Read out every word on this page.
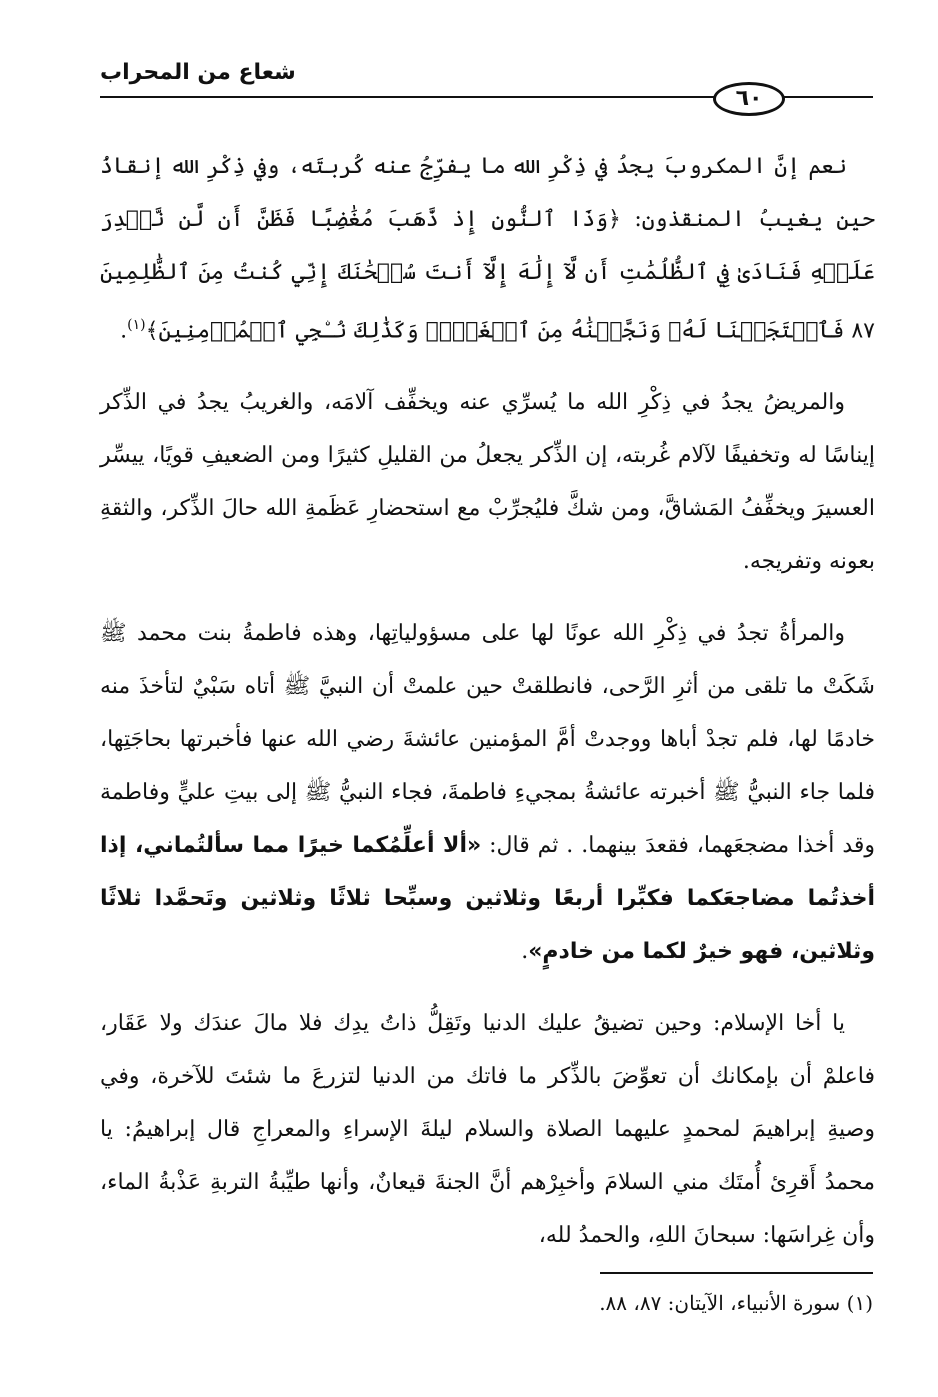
شعاع من المحراب
٦٠

نعم إنَّ المكروبَ يجدُ في ذِكْرِ الله ما يفرِّجُ عنه كُربتَه، وفي ذِكْرِ الله إنقاذُ حين يغيبُ المنقذون: ﴿وَذَا ٱلنُّونِ إِذ ذَّهَبَ مُغَٰضِبًا فَظَنَّ أَن لَّن نَّقۡدِرَ عَلَيۡهِ فَنَادَىٰ فِي ٱلظُّلُمَٰتِ أَن لَّآ إِلَٰهَ إِلَّآ أَنتَ سُبۡحَٰنَكَ إِنِّي كُنتُ مِنَ ٱلظَّٰلِمِينَ ٨٧ فَٱسۡتَجَبۡنَا لَهُۥ وَنَجَّيۡنَٰهُ مِنَ ٱلۡغَمِّۚ وَكَذَٰلِكَ نُـۨجِي ٱلۡمُؤۡمِنِينَ﴾$^{(١)}$.

والمريضُ يجدُ في ذِكْرِ الله ما يُسرِّي عنه ويخفِّف آلامَه، والغريبُ يجدُ في الذِّكر إيناسًا له وتخفيفًا لآلام غُربته، إن الذِّكر يجعلُ من القليلِ كثيرًا ومن الضعيفِ قويًا، ييسِّر العسيرَ ويخفِّفُ المَشاقَّ، ومن شكَّ فليُجرِّبْ مع استحضارِ عَظَمةِ الله حالَ الذِّكر، والثقةِ بعونه وتفريجه.

والمرأةُ تجدُ في ذِكْرِ الله عونًا لها على مسؤولياتِها، وهذه فاطمةُ بنت محمد ﷺ شَكَتْ ما تلقى من أثرِ الرَّحى، فانطلقتْ حين علمتْ أن النبيَّ ﷺ أتاه سَبْيٌ لتأخذَ منه خادمًا لها، فلم تجدْ أباها ووجدتْ أمَّ المؤمنين عائشةَ رضي الله عنها فأخبرتها بحاجَتِها، فلما جاء النبيُّ ﷺ أخبرته عائشةُ بمجيءِ فاطمةَ، فجاء النبيُّ ﷺ إلى بيتِ عليٍّ وفاطمة وقد أخذا مضجعَهما، فقعدَ بينهما. . ثم قال: «ألا أعلِّمُكما خيرًا مما سألتُماني، إذا أخذتُما مضاجعَكما فكبِّرا أربعًا وثلاثين وسبِّحا ثلاثًا وثلاثين وتَحمَّدا ثلاثًا وثلاثين، فهو خيرٌ لكما من خادمٍ».

يا أخا الإسلام: وحين تضيقُ عليك الدنيا وتَقِلُّ ذاتُ يدِك فلا مالَ عندَك ولا عَقَار، فاعلمْ أن بإمكانك أن تعوِّضَ بالذِّكر ما فاتك من الدنيا لتزرعَ ما شئتَ للآخرة، وفي وصيةِ إبراهيمَ لمحمدٍ عليهما الصلاة والسلام ليلةَ الإسراءِ والمعراجِ قال إبراهيمُ: يا محمدُ أَقرِئ أُمتَك مني السلامَ وأخبِرْهم أنَّ الجنةَ قيعانٌ، وأنها طيِّبةُ التربةِ عَذْبةُ الماء، وأن غِراسَها: سبحانَ اللهِ، والحمدُ لله،

(١) سورة الأنبياء، الآيتان: ٨٧، ٨٨.
